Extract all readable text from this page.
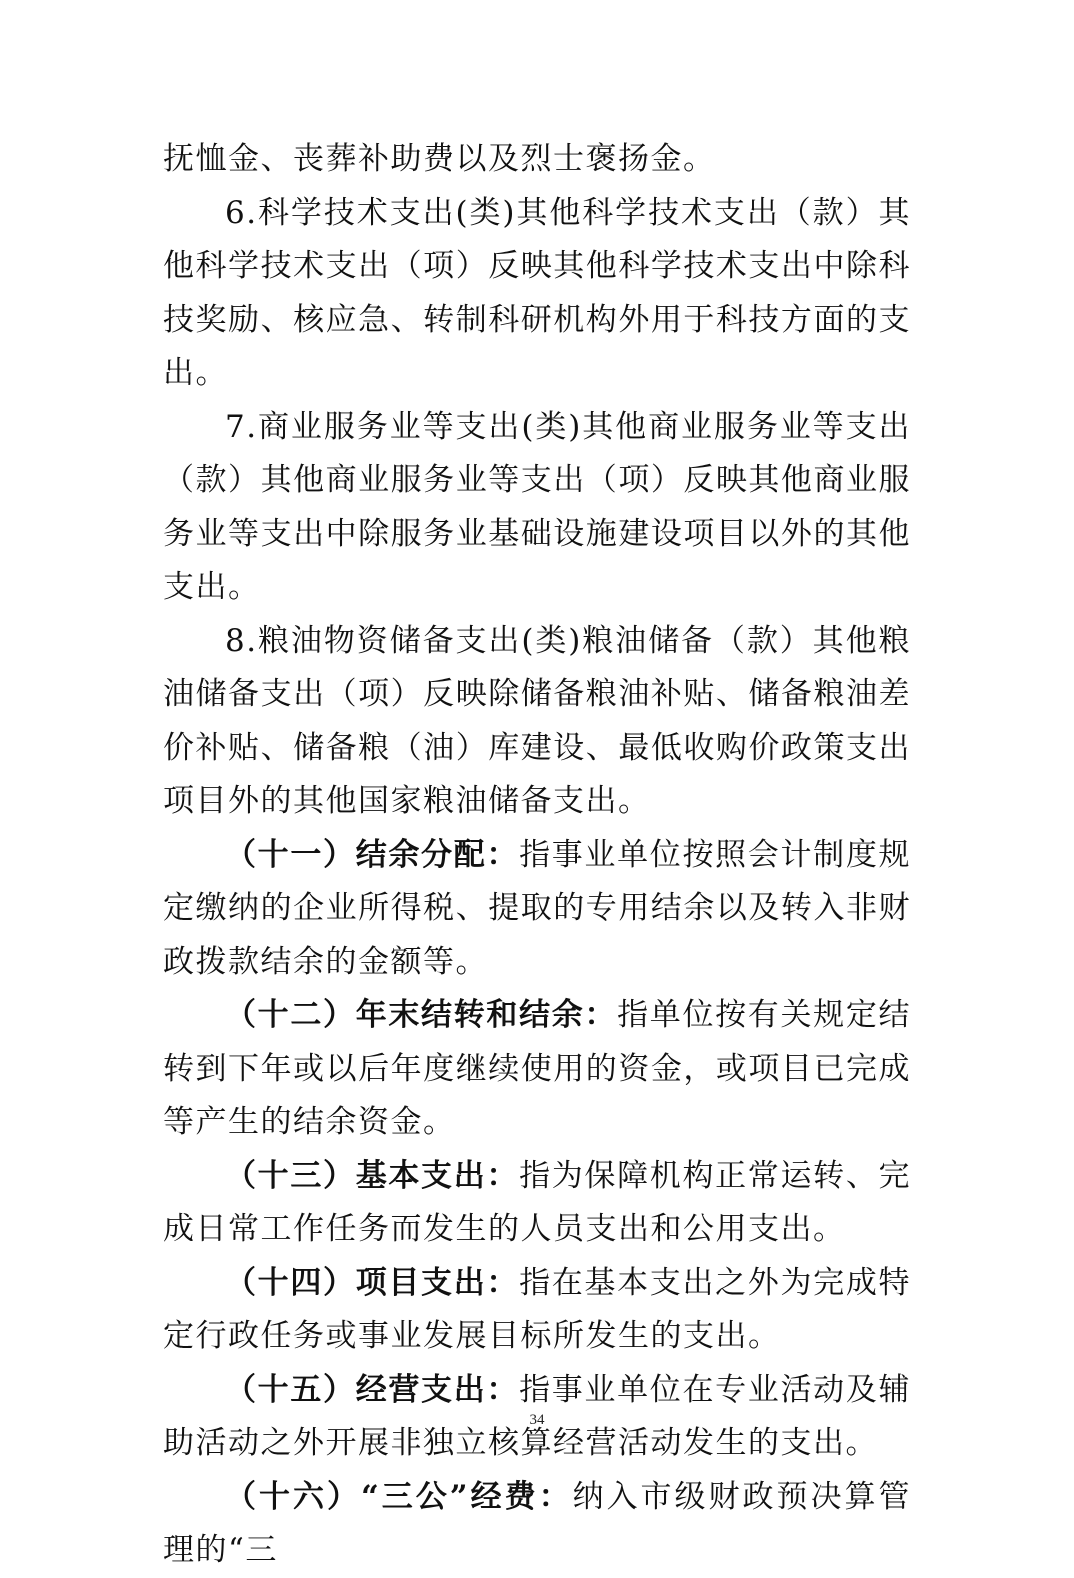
抚恤金、丧葬补助费以及烈士褒扬金。

6.科学技术支出(类)其他科学技术支出（款）其他科学技术支出（项）反映其他科学技术支出中除科技奖励、核应急、转制科研机构外用于科技方面的支出。

7.商业服务业等支出(类)其他商业服务业等支出（款）其他商业服务业等支出（项）反映其他商业服务业等支出中除服务业基础设施建设项目以外的其他支出。

8.粮油物资储备支出(类)粮油储备（款）其他粮油储备支出（项）反映除储备粮油补贴、储备粮油差价补贴、储备粮（油）库建设、最低收购价政策支出项目外的其他国家粮油储备支出。

（十一）结余分配：指事业单位按照会计制度规定缴纳的企业所得税、提取的专用结余以及转入非财政拨款结余的金额等。

（十二）年末结转和结余：指单位按有关规定结转到下年或以后年度继续使用的资金，或项目已完成等产生的结余资金。

（十三）基本支出：指为保障机构正常运转、完成日常工作任务而发生的人员支出和公用支出。

（十四）项目支出：指在基本支出之外为完成特定行政任务或事业发展目标所发生的支出。

（十五）经营支出：指事业单位在专业活动及辅助活动之外开展非独立核算经营活动发生的支出。

（十六）“三公”经费：纳入市级财政预决算管理的“三

34
